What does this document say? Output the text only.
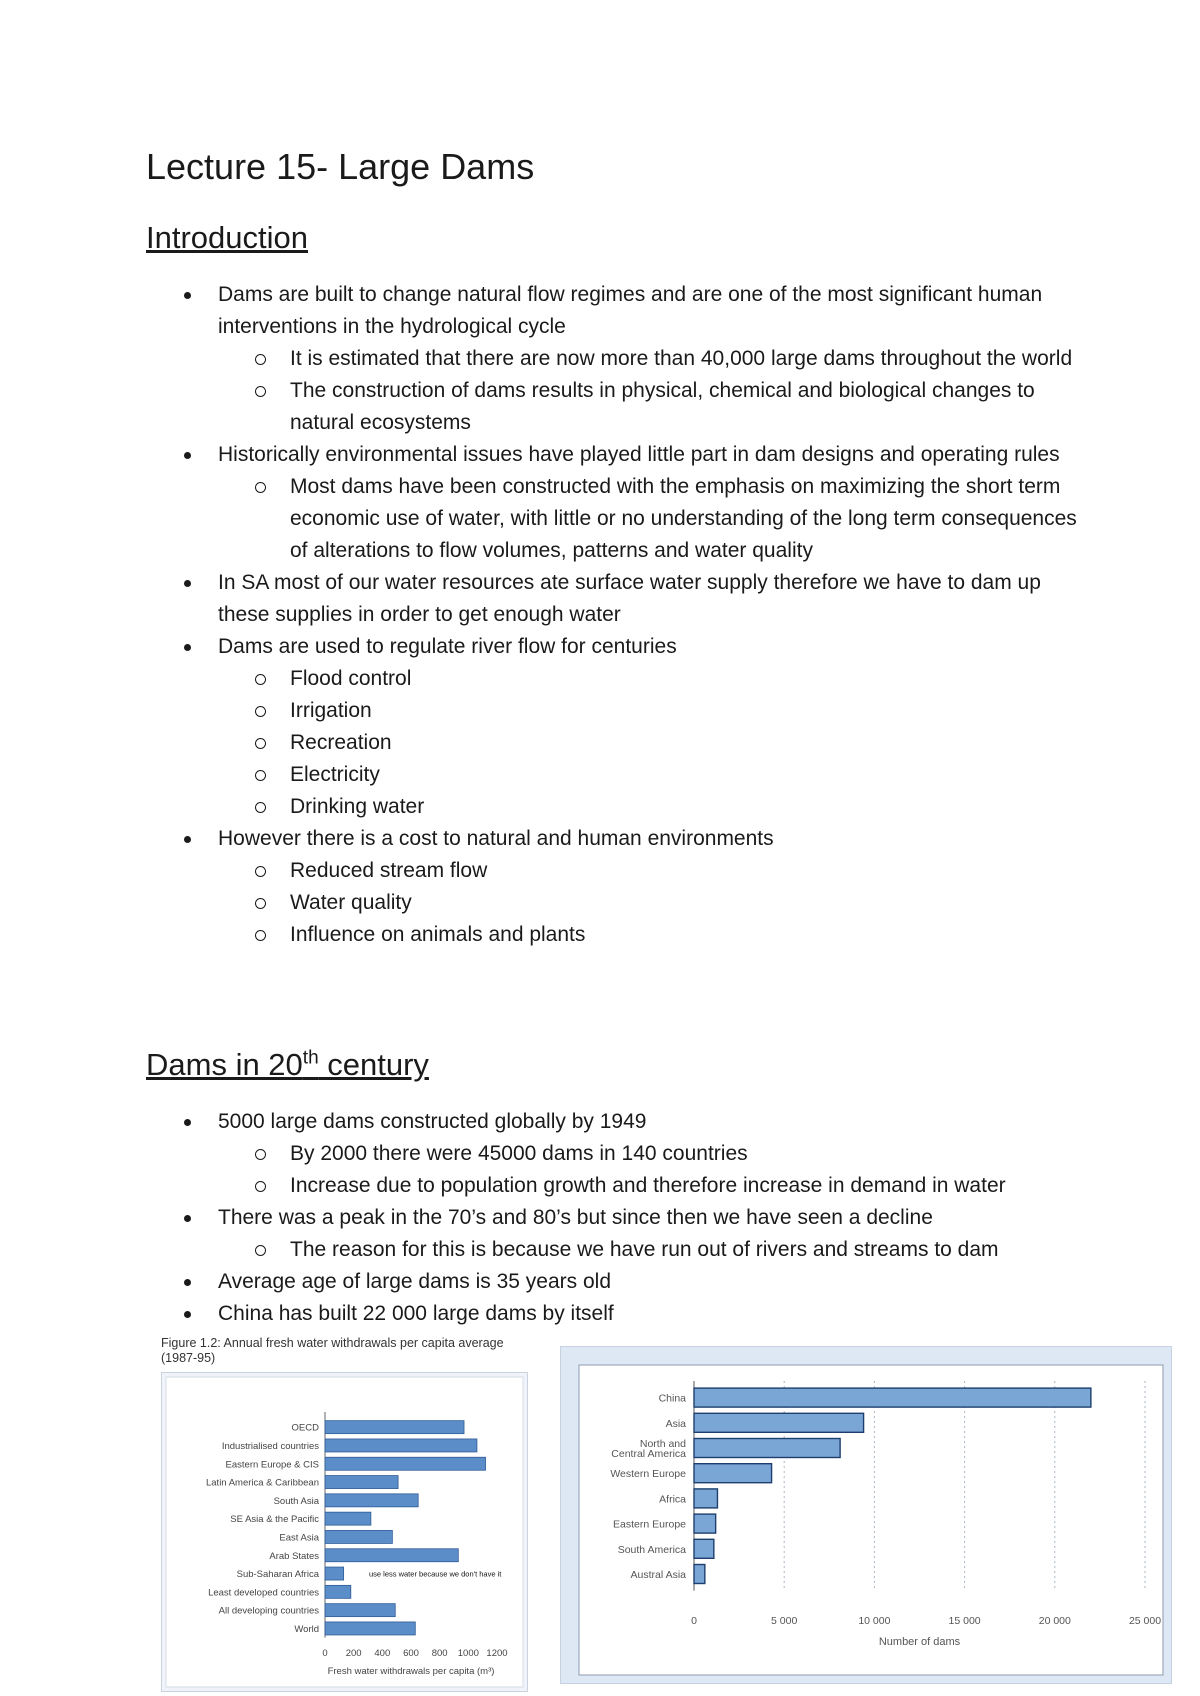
Lecture 15- Large Dams
Introduction
Dams are built to change natural flow regimes and are one of the most significant human interventions in the hydrological cycle
It is estimated that there are now more than 40,000 large dams throughout the world
The construction of dams results in physical, chemical and biological changes to natural ecosystems
Historically environmental issues have played little part in dam designs and operating rules
Most dams have been constructed with the emphasis on maximizing the short term economic use of water, with little or no understanding of the long term consequences of alterations to flow volumes, patterns and water quality
In SA most of our water resources ate surface water supply therefore we have to dam up these supplies in order to get enough water
Dams are used to regulate river flow for centuries
Flood control
Irrigation
Recreation
Electricity
Drinking water
However there is a cost to natural and human environments
Reduced stream flow
Water quality
Influence on animals and plants
Dams in 20th century
5000 large dams constructed globally by 1949
By 2000 there were 45000 dams in 140 countries
Increase due to population growth and therefore increase in demand in water
There was a peak in the 70’s and 80’s but since then we have seen a decline
The reason for this is because we have run out of rivers and streams to dam
Average age of large dams is 35 years old
China has built 22 000 large dams by itself
Figure 1.2: Annual fresh water withdrawals per capita average
(1987-95)
OECD
Industrialised countries
Eastern Europe & CIS
Latin America & Caribbean
South Asia
SE Asia & the Pacific
East Asia
Arab States
Sub-Saharan Africa
Least developed countries
All developing countries
World
0 200 400 600 800 1000 1200
Fresh water withdrawals per capita (m³)
use less water because we don't have it
China
Asia
North and
Central America
Western Europe
Africa
Eastern Europe
South America
Austral Asia
0	5 000	10 000	15 000	20 000	25 000
Number of dams
